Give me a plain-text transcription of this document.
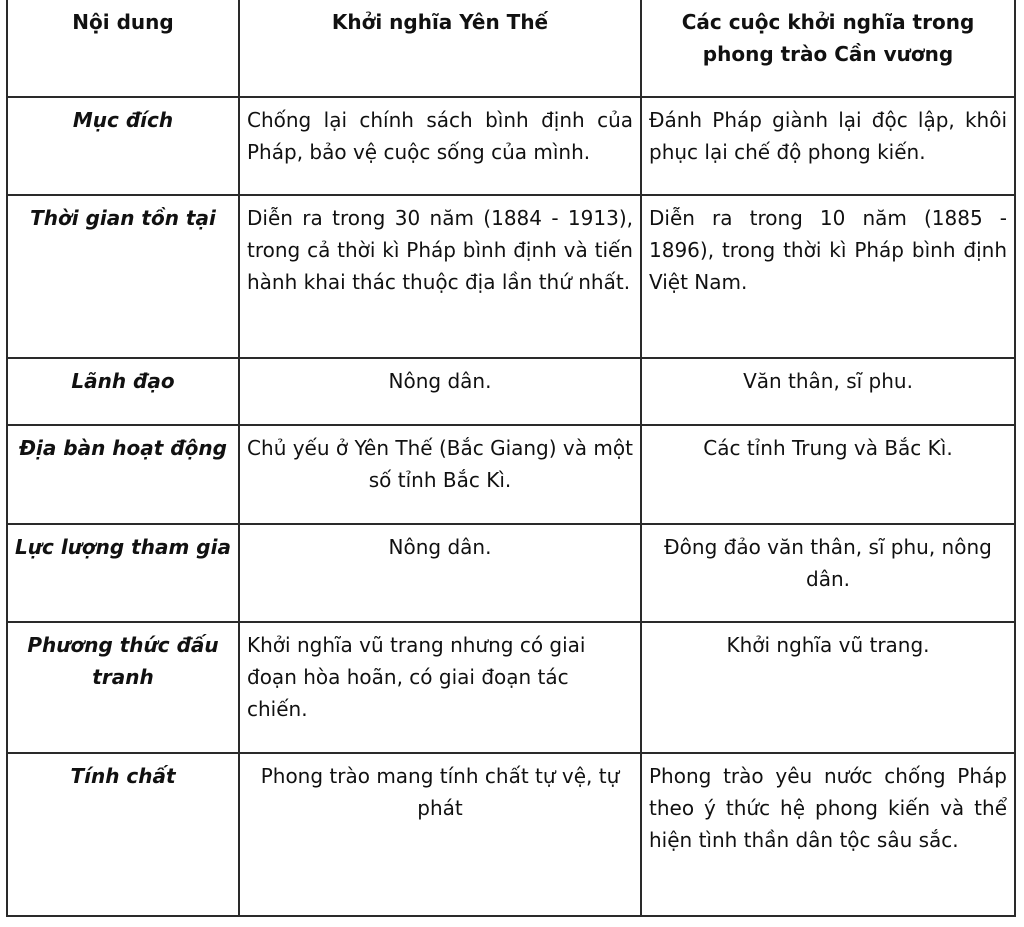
Nội dung	Khởi nghĩa Yên Thế	Các cuộc khởi nghĩa trong phong trào Cần vương
Mục đích	Chống lại chính sách bình định của Pháp, bảo vệ cuộc sống của mình.	Đánh Pháp giành lại độc lập, khôi phục lại chế độ phong kiến.
Thời gian tồn tại	Diễn ra trong 30 năm (1884 - 1913), trong cả thời kì Pháp bình định và tiến hành khai thác thuộc địa lần thứ nhất.	Diễn ra trong 10 năm (1885 - 1896), trong thời kì Pháp bình định Việt Nam.
Lãnh đạo	Nông dân.	Văn thân, sĩ phu.
Địa bàn hoạt động	Chủ yếu ở Yên Thế (Bắc Giang) và một số tỉnh Bắc Kì.	Các tỉnh Trung và Bắc Kì.
Lực lượng tham gia	Nông dân.	Đông đảo văn thân, sĩ phu, nông dân.
Phương thức đấu tranh	Khởi nghĩa vũ trang nhưng có giai đoạn hòa hoãn, có giai đoạn tác chiến.	Khởi nghĩa vũ trang.
Tính chất	Phong trào mang tính chất tự vệ, tự phát	Phong trào yêu nước chống Pháp theo ý thức hệ phong kiến và thể hiện tình thần dân tộc sâu sắc.
